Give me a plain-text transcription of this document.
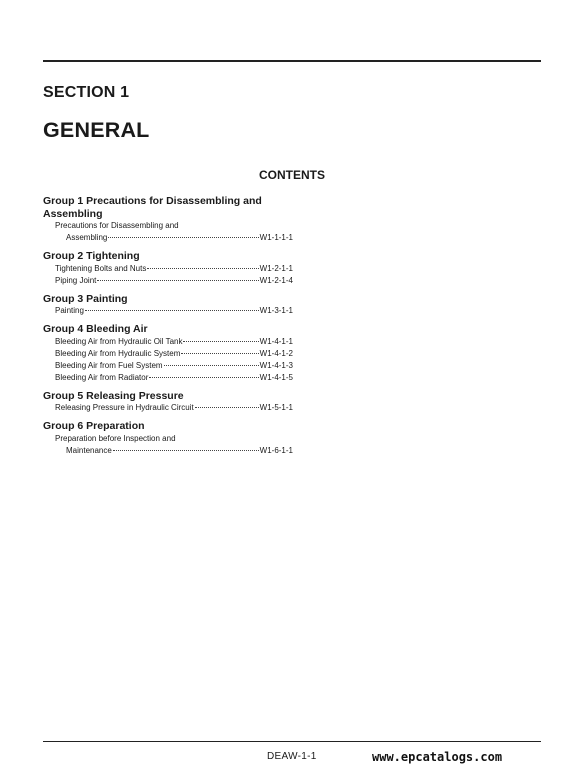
SECTION 1
GENERAL
CONTENTS
Group 1 Precautions for Disassembling and Assembling
Precautions for Disassembling and
Assembling	W1-1-1-1
Group 2 Tightening
Tightening Bolts and Nuts	W1-2-1-1
Piping Joint	W1-2-1-4
Group 3 Painting
Painting	W1-3-1-1
Group 4 Bleeding Air
Bleeding Air from Hydraulic Oil Tank	W1-4-1-1
Bleeding Air from Hydraulic System	W1-4-1-2
Bleeding Air from Fuel System	W1-4-1-3
Bleeding Air from Radiator	W1-4-1-5
Group 5 Releasing Pressure
Releasing Pressure in Hydraulic Circuit	W1-5-1-1
Group 6 Preparation
Preparation before Inspection and
Maintenance	W1-6-1-1
DEAW-1-1	www.epcatalogs.com
